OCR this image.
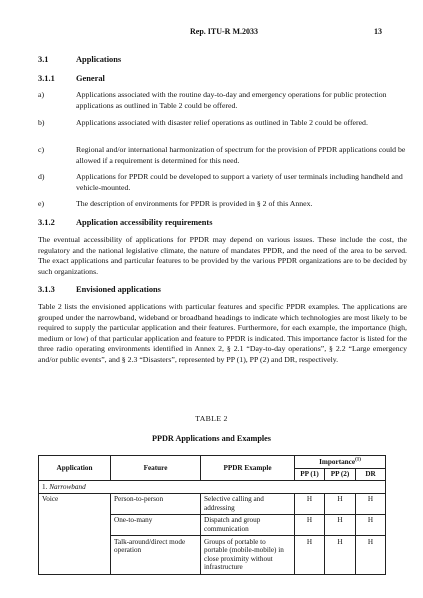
Rep. ITU-R M.2033	13
3.1	Applications
3.1.1	General
a)	Applications associated with the routine day-to-day and emergency operations for public protection applications as outlined in Table 2 could be offered.
b)	Applications associated with disaster relief operations as outlined in Table 2 could be offered.
c)	Regional and/or international harmonization of spectrum for the provision of PPDR applications could be allowed if a requirement is determined for this need.
d)	Applications for PPDR could be developed to support a variety of user terminals including handheld and vehicle-mounted.
e)	The description of environments for PPDR is provided in § 2 of this Annex.
3.1.2	Application accessibility requirements
The eventual accessibility of applications for PPDR may depend on various issues. These include the cost, the regulatory and the national legislative climate, the nature of mandates PPDR, and the need of the area to be served. The exact applications and particular features to be provided by the various PPDR organizations are to be decided by such organizations.
3.1.3	Envisioned applications
Table 2 lists the envisioned applications with particular features and specific PPDR examples. The applications are grouped under the narrowband, wideband or broadband headings to indicate which technologies are most likely to be required to supply the particular application and their features. Furthermore, for each example, the importance (high, medium or low) of that particular application and feature to PPDR is indicated. This importance factor is listed for the three radio operating environments identified in Annex 2, § 2.1 “Day-to-day operations”, § 2.2 “Large emergency and/or public events”, and § 2.3 “Disasters”, represented by PP (1), PP (2) and DR, respectively.
TABLE 2
PPDR Applications and Examples
Application	Feature	PPDR Example	Importance$^{(1)}$
			PP (1)	PP (2)	DR
1. Narrowband					
Voice	Person-to-person	Selective calling and addressing	H	H	H
	One-to-many	Dispatch and group communication	H	H	H
	Talk-around/direct mode operation	Groups of portable to portable (mobile-mobile) in close proximity without infrastructure	H	H	H
